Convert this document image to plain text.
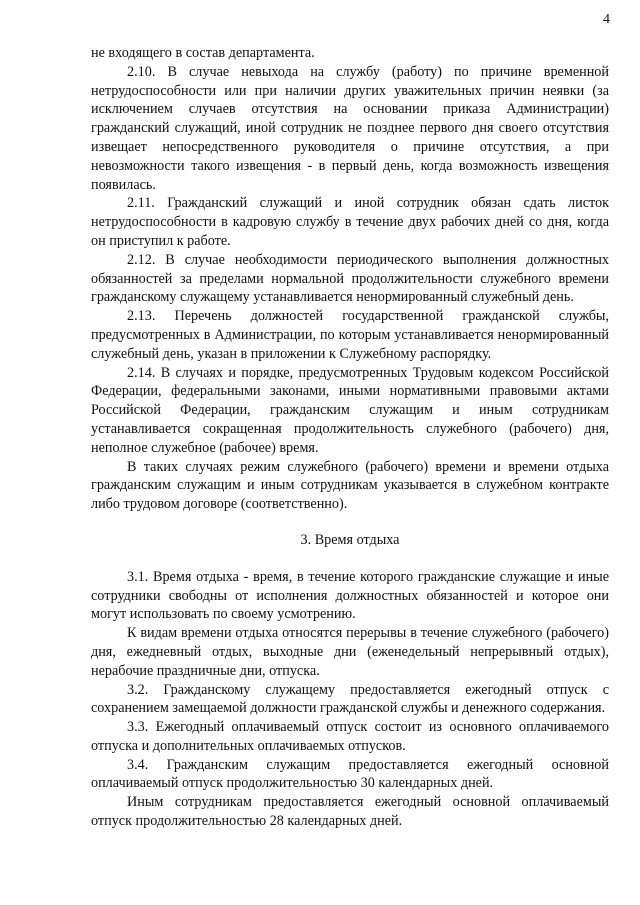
4

не входящего в состав департамента.

2.10. В случае невыхода на службу (работу) по причине временной нетрудоспособности или при наличии других уважительных причин неявки (за исключением случаев отсутствия на основании приказа Администрации) гражданский служащий, иной сотрудник не позднее первого дня своего отсутствия извещает непосредственного руководителя о причине отсутствия, а при невозможности такого извещения - в первый день, когда возможность извещения появилась.

2.11. Гражданский служащий и иной сотрудник обязан сдать листок нетрудоспособности в кадровую службу в течение двух рабочих дней со дня, когда он приступил к работе.

2.12. В случае необходимости периодического выполнения должностных обязанностей за пределами нормальной продолжительности служебного времени гражданскому служащему устанавливается ненормированный служебный день.

2.13. Перечень должностей государственной гражданской службы, предусмотренных в Администрации, по которым устанавливается ненормированный служебный день, указан в приложении к Служебному распорядку.

2.14. В случаях и порядке, предусмотренных Трудовым кодексом Российской Федерации, федеральными законами, иными нормативными правовыми актами Российской Федерации, гражданским служащим и иным сотрудникам устанавливается сокращенная продолжительность служебного (рабочего) дня, неполное служебное (рабочее) время.

В таких случаях режим служебного (рабочего) времени и времени отдыха гражданским служащим и иным сотрудникам указывается в служебном контракте либо трудовом договоре (соответственно).

3. Время отдыха

3.1. Время отдыха - время, в течение которого гражданские служащие и иные сотрудники свободны от исполнения должностных обязанностей и которое они могут использовать по своему усмотрению.

К видам времени отдыха относятся перерывы в течение служебного (рабочего) дня, ежедневный отдых, выходные дни (еженедельный непрерывный отдых), нерабочие праздничные дни, отпуска.

3.2. Гражданскому служащему предоставляется ежегодный отпуск с сохранением замещаемой должности гражданской службы и денежного содержания.

3.3. Ежегодный оплачиваемый отпуск состоит из основного оплачиваемого отпуска и дополнительных оплачиваемых отпусков.

3.4. Гражданским служащим предоставляется ежегодный основной оплачиваемый отпуск продолжительностью 30 календарных дней.

Иным сотрудникам предоставляется ежегодный основной оплачиваемый отпуск продолжительностью 28 календарных дней.
